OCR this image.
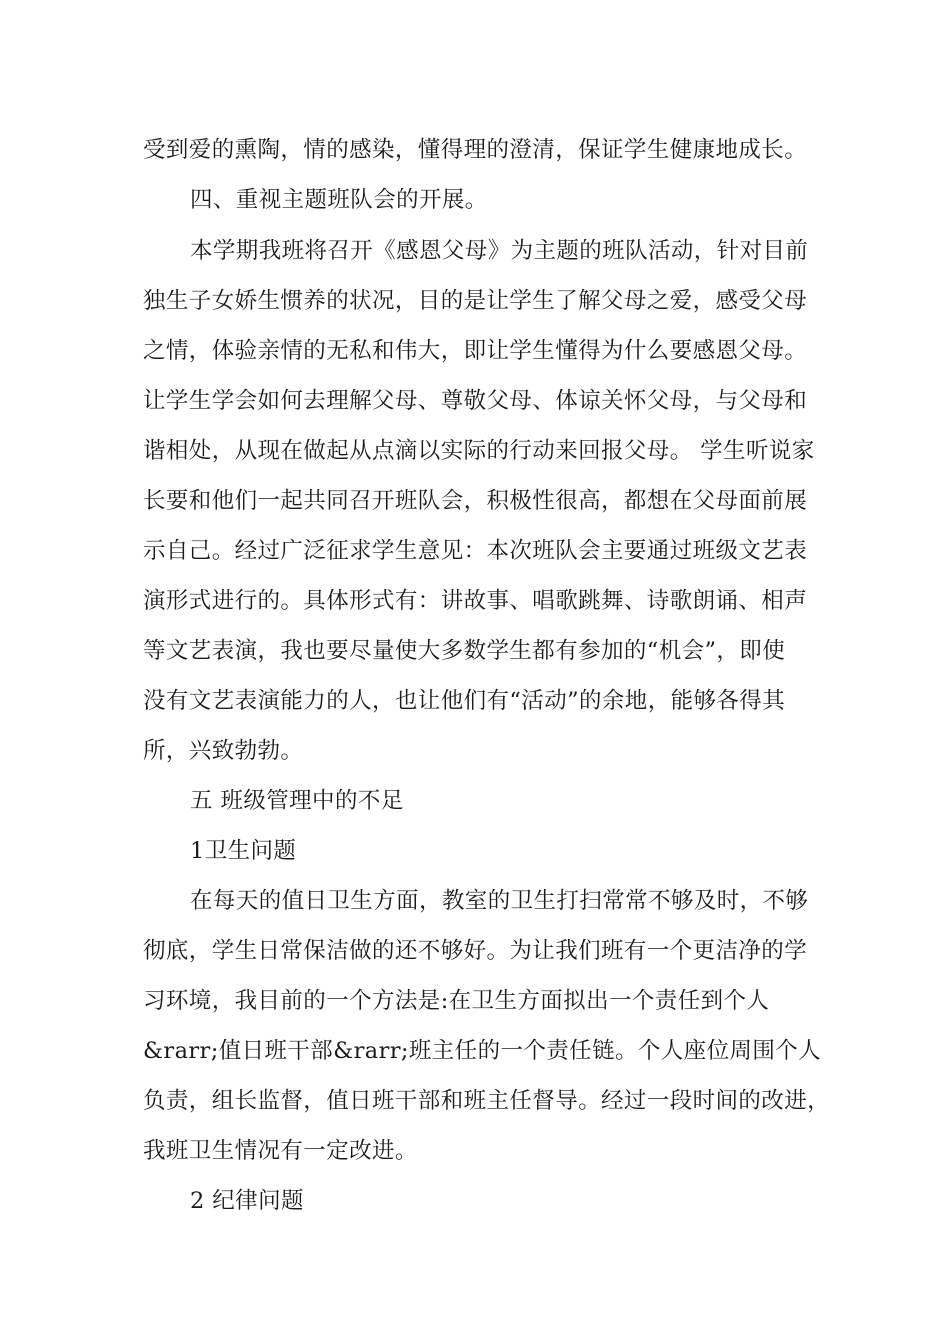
受到爱的熏陶，情的感染，懂得理的澄清，保证学生健康地成长。
四、重视主题班队会的开展。
本学期我班将召开《感恩父母》为主题的班队活动，针对目前
独生子女娇生惯养的状况，目的是让学生了解父母之爱，感受父母
之情，体验亲情的无私和伟大，即让学生懂得为什么要感恩父母。
让学生学会如何去理解父母、尊敬父母、体谅关怀父母，与父母和
谐相处，从现在做起从点滴以实际的行动来回报父母。 学生听说家
长要和他们一起共同召开班队会，积极性很高，都想在父母面前展
示自己。经过广泛征求学生意见：本次班队会主要通过班级文艺表
演形式进行的。具体形式有：讲故事、唱歌跳舞、诗歌朗诵、相声
等文艺表演，我也要尽量使大多数学生都有参加的“机会”，即使
没有文艺表演能力的人，也让他们有“活动”的余地，能够各得其
所，兴致勃勃。
五 班级管理中的不足
1卫生问题
在每天的值日卫生方面，教室的卫生打扫常常不够及时，不够
彻底，学生日常保洁做的还不够好。为让我们班有一个更洁净的学
习环境，我目前的一个方法是:在卫生方面拟出一个责任到个人
&rarr;值日班干部&rarr;班主任的一个责任链。个人座位周围个人
负责，组长监督，值日班干部和班主任督导。经过一段时间的改进，
我班卫生情况有一定改进。
2 纪律问题
